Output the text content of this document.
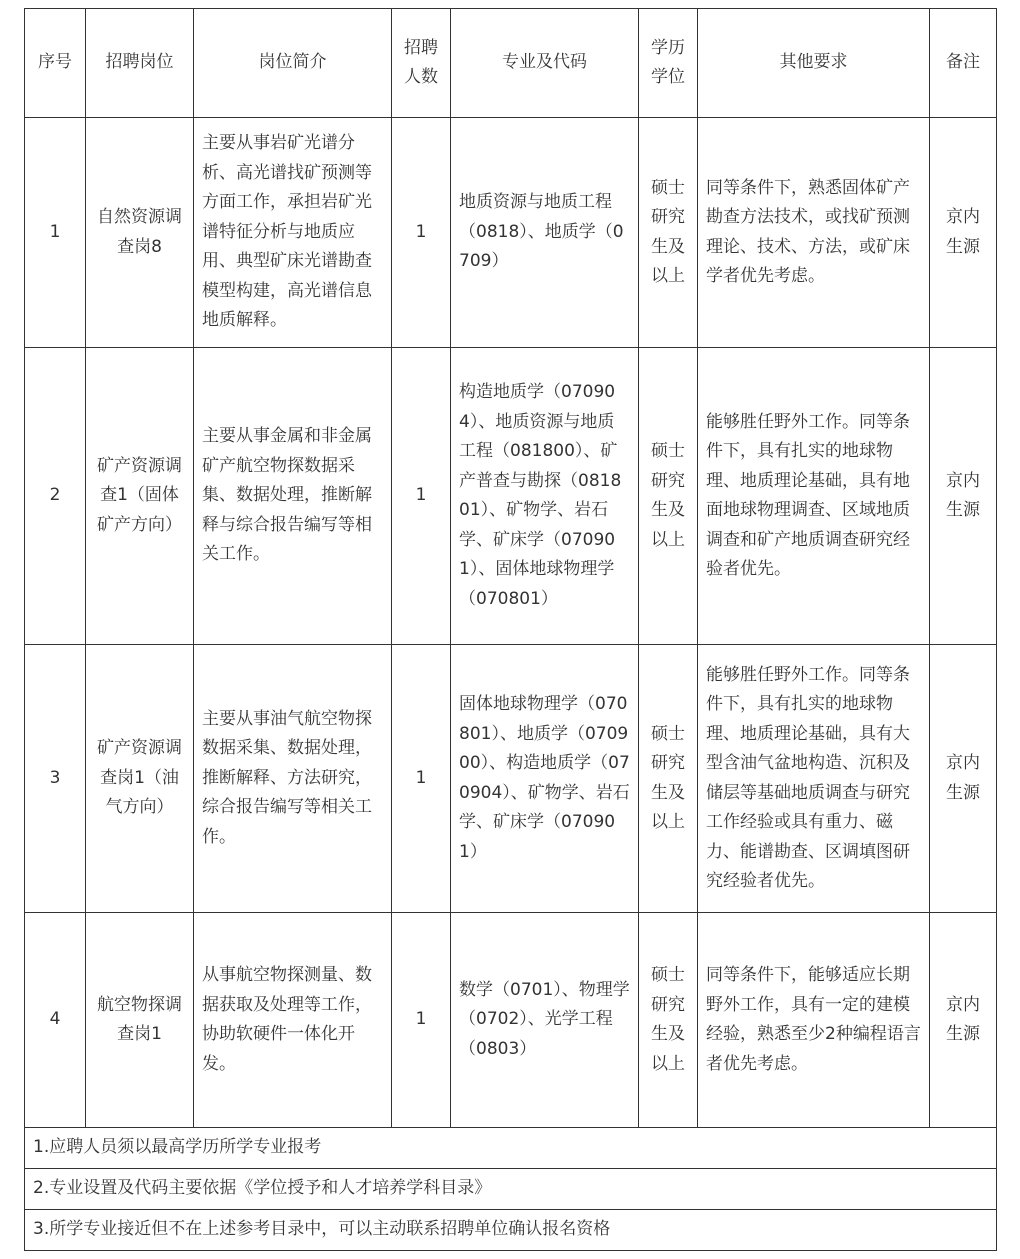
序号	招聘岗位	岗位简介	招聘人数	专业及代码	学历学位	其他要求	备注
1	自然资源调查岗8	主要从事岩矿光谱分析、高光谱找矿预测等方面工作，承担岩矿光谱特征分析与地质应用、典型矿床光谱勘查模型构建，高光谱信息地质解释。	1	地质资源与地质工程（0818）、地质学（0709）	硕士研究生及以上	同等条件下，熟悉固体矿产勘查方法技术，或找矿预测理论、技术、方法，或矿床学者优先考虑。	京内生源
2	矿产资源调查1（固体矿产方向）	主要从事金属和非金属矿产航空物探数据采集、数据处理，推断解释与综合报告编写等相关工作。	1	构造地质学（070904）、地质资源与地质工程（081800）、矿产普查与勘探（081801）、矿物学、岩石学、矿床学（070901）、固体地球物理学（070801）	硕士研究生及以上	能够胜任野外工作。同等条件下，具有扎实的地球物理、地质理论基础，具有地面地球物理调查、区域地质调查和矿产地质调查研究经验者优先。	京内生源
3	矿产资源调查岗1（油气方向）	主要从事油气航空物探数据采集、数据处理，推断解释、方法研究，综合报告编写等相关工作。	1	固体地球物理学（070801）、地质学（070900）、构造地质学（070904）、矿物学、岩石学、矿床学（070901）	硕士研究生及以上	能够胜任野外工作。同等条件下，具有扎实的地球物理、地质理论基础，具有大型含油气盆地构造、沉积及储层等基础地质调查与研究工作经验或具有重力、磁力、能谱勘查、区调填图研究经验者优先。	京内生源
4	航空物探调查岗1	从事航空物探测量、数据获取及处理等工作，协助软硬件一体化开发。	1	数学（0701）、物理学（0702）、光学工程（0803）	硕士研究生及以上	同等条件下，能够适应长期野外工作，具有一定的建模经验，熟悉至少2种编程语言者优先考虑。	京内生源
1.应聘人员须以最高学历所学专业报考							
2.专业设置及代码主要依据《学位授予和人才培养学科目录》							
3.所学专业接近但不在上述参考目录中，可以主动联系招聘单位确认报名资格							
